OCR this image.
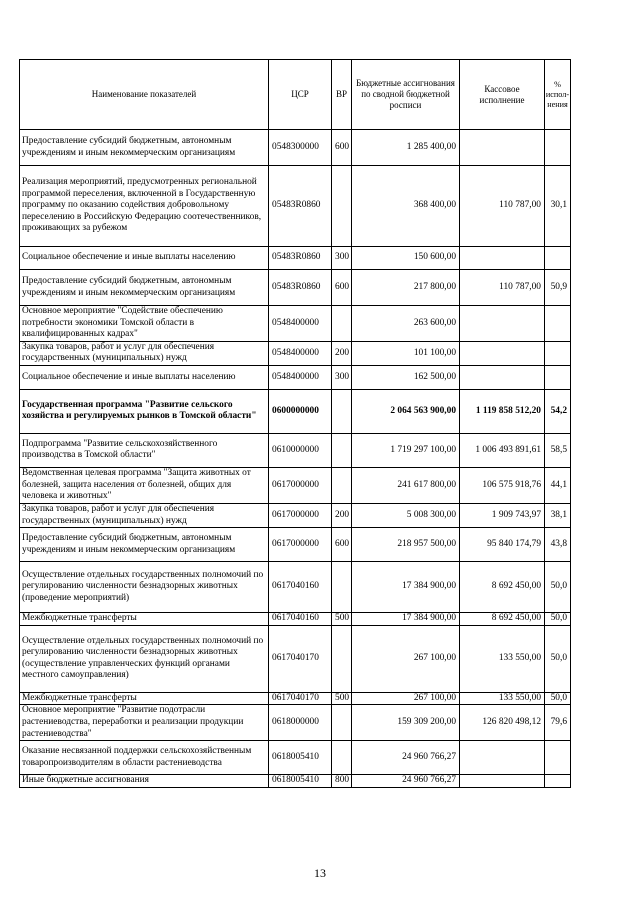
Наименование показателей	ЦСР	ВР	Бюджетные ассигнования по сводной бюджетной росписи	Кассовое исполнение	% испол-нения
Предоставление субсидий бюджетным, автономным учреждениям и иным некоммерческим организациям	0548300000	600	1 285 400,00		
Реализация мероприятий, предусмотренных региональной программой переселения, включенной в Государственную программу по оказанию содействия добровольному переселению в Российскую Федерацию соотечественников, проживающих за рубежом	05483R0860		368 400,00	110 787,00	30,1
Социальное обеспечение и иные выплаты населению	05483R0860	300	150 600,00		
Предоставление субсидий бюджетным, автономным учреждениям и иным некоммерческим организациям	05483R0860	600	217 800,00	110 787,00	50,9
Основное мероприятие "Содействие обеспечению потребности экономики Томской области в квалифицированных кадрах"	0548400000		263 600,00		
Закупка товаров, работ и услуг для обеспечения государственных (муниципальных) нужд	0548400000	200	101 100,00		
Социальное обеспечение и иные выплаты населению	0548400000	300	162 500,00		
Государственная программа "Развитие сельского хозяйства и регулируемых рынков в Томской области"	0600000000		2 064 563 900,00	1 119 858 512,20	54,2
Подпрограмма "Развитие сельскохозяйственного производства в Томской области"	0610000000		1 719 297 100,00	1 006 493 891,61	58,5
Ведомственная целевая программа "Защита животных от болезней, защита населения от болезней, общих для человека и животных"	0617000000		241 617 800,00	106 575 918,76	44,1
Закупка товаров, работ и услуг для обеспечения государственных (муниципальных) нужд	0617000000	200	5 008 300,00	1 909 743,97	38,1
Предоставление субсидий бюджетным, автономным учреждениям и иным некоммерческим организациям	0617000000	600	218 957 500,00	95 840 174,79	43,8
Осуществление отдельных государственных полномочий по регулированию численности безнадзорных животных (проведение мероприятий)	0617040160		17 384 900,00	8 692 450,00	50,0
Межбюджетные трансферты	0617040160	500	17 384 900,00	8 692 450,00	50,0
Осуществление отдельных государственных полномочий по регулированию численности безнадзорных животных (осуществление управленческих функций органами местного самоуправления)	0617040170		267 100,00	133 550,00	50,0
Межбюджетные трансферты	0617040170	500	267 100,00	133 550,00	50,0
Основное мероприятие "Развитие подотрасли растениеводства, переработки и реализации продукции растениеводства"	0618000000		159 309 200,00	126 820 498,12	79,6
Оказание несвязанной поддержки сельскохозяйственным товаропроизводителям в области растениеводства	0618005410		24 960 766,27		
Иные бюджетные ассигнования	0618005410	800	24 960 766,27		
13
